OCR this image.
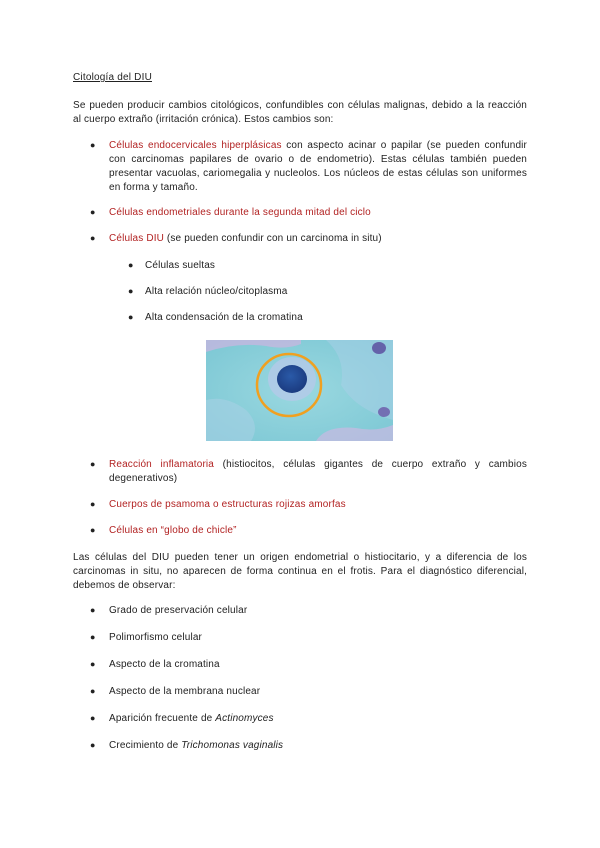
Citología del DIU
Se pueden producir cambios citológicos, confundibles con células malignas, debido a la reacción al cuerpo extraño (irritación crónica). Estos cambios son:
● Células endocervicales hiperplásicas con aspecto acinar o papilar (se pueden confundir con carcinomas papilares de ovario o de endometrio). Estas células también pueden presentar vacuolas, cariomegalia y nucleolos. Los núcleos de estas células son uniformes en forma y tamaño.
● Células endometriales durante la segunda mitad del ciclo
● Células DIU (se pueden confundir con un carcinoma in situ)
● Células sueltas
● Alta relación núcleo/citoplasma
● Alta condensación de la cromatina
● Reacción inflamatoria (histiocitos, células gigantes de cuerpo extraño y cambios degenerativos)
● Cuerpos de psamoma o estructuras rojizas amorfas
● Células en “globo de chicle”
Las células del DIU pueden tener un origen endometrial o histiocitario, y a diferencia de los carcinomas in situ, no aparecen de forma continua en el frotis. Para el diagnóstico diferencial, debemos de observar:
● Grado de preservación celular
● Polimorfismo celular
● Aspecto de la cromatina
● Aspecto de la membrana nuclear
● Aparición frecuente de Actinomyces
● Crecimiento de Trichomonas vaginalis
